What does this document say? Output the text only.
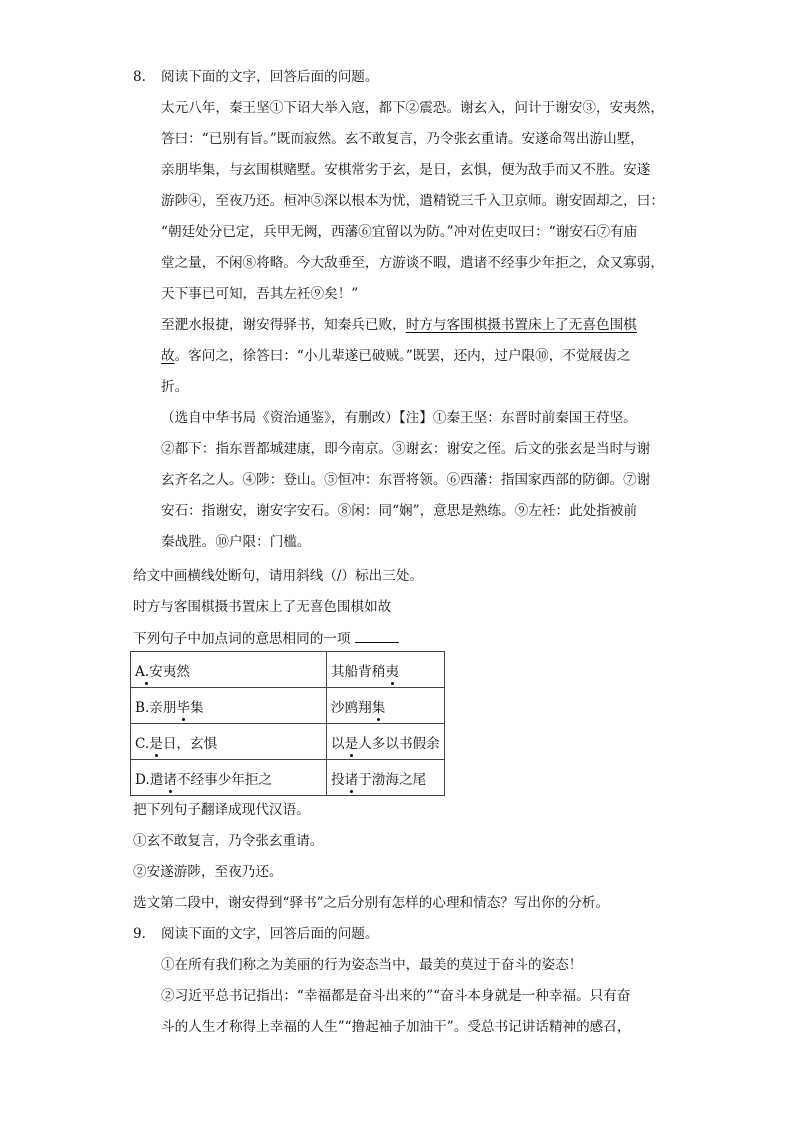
8. 阅读下面的文字，回答后面的问题。
太元八年，秦王坚①下诏大举入寇，都下②震恐。谢玄入，问计于谢安③，安夷然，
答曰：“已别有旨。”既而寂然。玄不敢复言，乃令张玄重请。安遂命驾出游山墅，
亲朋毕集，与玄围棋赌墅。安棋常劣于玄，是日，玄惧，便为敌手而又不胜。安遂
游陟④，至夜乃还。桓冲⑤深以根本为忧，遣精锐三千入卫京师。谢安固却之，曰：
“朝廷处分已定，兵甲无阙，西藩⑥宜留以为防。”冲对佐吏叹曰：“谢安石⑦有庙
堂之量，不闲⑧将略。今大敌垂至，方游谈不暇，遣诸不经事少年拒之，众又寡弱，
天下事已可知，吾其左衽⑨矣！”
至淝水报捷，谢安得驿书，知秦兵已败，时方与客围棋摄书置床上了无喜色围棋
故。客问之，徐答曰：“小儿辈遂已破贼。”既罢，还内，过户限⑩，不觉屐齿之
折。
（选自中华书局《资治通鉴》，有删改）【注】①秦王坚：东晋时前秦国王苻坚。
②都下：指东晋都城建康，即今南京。③谢玄：谢安之侄。后文的张玄是当时与谢
玄齐名之人。④陟：登山。⑤恒冲：东晋将领。⑥西藩：指国家西部的防御。⑦谢
安石：指谢安，谢安字安石。⑧闲：同“娴”，意思是熟练。⑨左衽：此处指被前
秦战胜。⑩户限：门槛。
给文中画横线处断句，请用斜线（/）标出三处。
时方与客围棋摄书置床上了无喜色围棋如故
下列句子中加点词的意思相同的一项
A.安夷然	其船背稍夷
B.亲朋毕集	沙鸥翔集
C.是日，玄惧	以是人多以书假余
D.遣诸不经事少年拒之	投诸于渤海之尾
把下列句子翻译成现代汉语。
①玄不敢复言，乃令张玄重请。
②安遂游陟，至夜乃还。
选文第二段中，谢安得到“驿书”之后分别有怎样的心理和情态？写出你的分析。
9. 阅读下面的文字，回答后面的问题。
①在所有我们称之为美丽的行为姿态当中，最美的莫过于奋斗的姿态！
②习近平总书记指出：“幸福都是奋斗出来的”“奋斗本身就是一种幸福。只有奋
斗的人生才称得上幸福的人生”“撸起袖子加油干”。受总书记讲话精神的感召，
